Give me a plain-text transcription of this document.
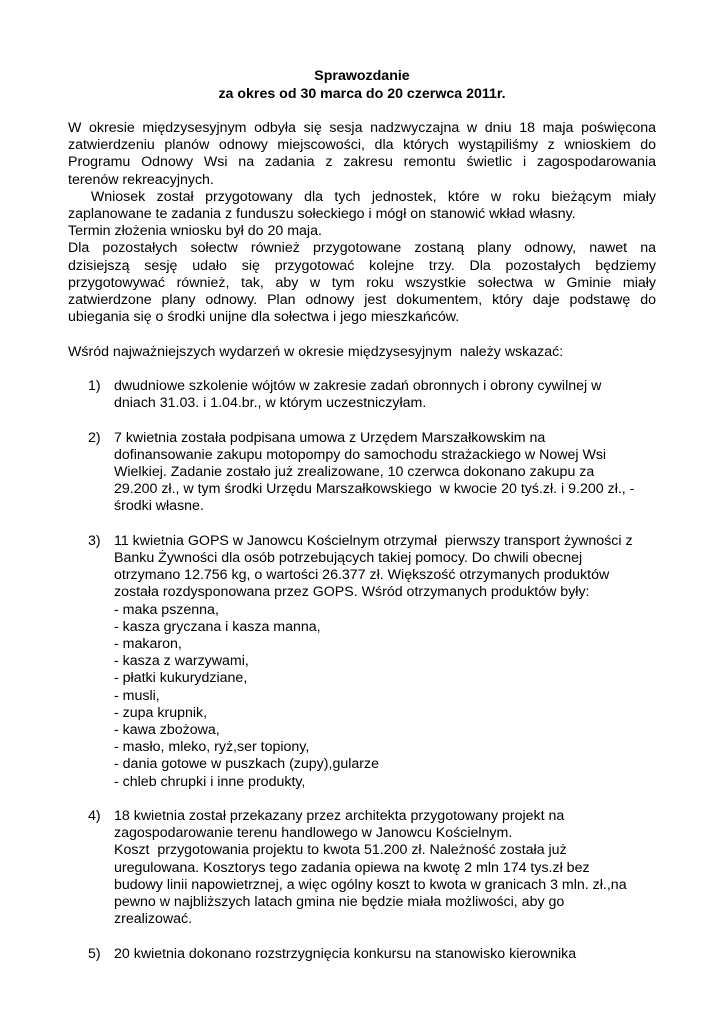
Sprawozdanie
za okres od 30 marca do 20 czerwca 2011r.
W okresie międzysesyjnym odbyła się sesja nadzwyczajna w dniu 18 maja poświęcona
zatwierdzeniu planów odnowy miejscowości, dla których wystąpiliśmy z wnioskiem do
Programu Odnowy Wsi na zadania z zakresu remontu świetlic i zagospodarowania
terenów rekreacyjnych.
Wniosek został przygotowany dla tych jednostek, które w roku bieżącym miały
zaplanowane te zadania z funduszu sołeckiego i mógł on stanowić wkład własny.
Termin złożenia wniosku był do 20 maja.
Dla pozostałych sołectw również przygotowane zostaną plany odnowy, nawet na
dzisiejszą sesję udało się przygotować kolejne trzy. Dla pozostałych będziemy
przygotowywać również, tak, aby w tym roku wszystkie sołectwa w Gminie miały
zatwierdzone plany odnowy. Plan odnowy jest dokumentem, który daje podstawę do
ubiegania się o środki unijne dla sołectwa i jego mieszkańców.
Wśród najważniejszych wydarzeń w okresie międzysesyjnym  należy wskazać:
1) dwudniowe szkolenie wójtów w zakresie zadań obronnych i obrony cywilnej w
dniach 31.03. i 1.04.br., w którym uczestniczyłam.
2) 7 kwietnia została podpisana umowa z Urzędem Marszałkowskim na
dofinansowanie zakupu motopompy do samochodu strażackiego w Nowej Wsi
Wielkiej. Zadanie zostało już zrealizowane, 10 czerwca dokonano zakupu za
29.200 zł., w tym środki Urzędu Marszałkowskiego  w kwocie 20 tyś.zł. i 9.200 zł., -
środki własne.
3) 11 kwietnia GOPS w Janowcu Kościelnym otrzymał  pierwszy transport żywności z
Banku Żywności dla osób potrzebujących takiej pomocy. Do chwili obecnej
otrzymano 12.756 kg, o wartości 26.377 zł. Większość otrzymanych produktów
została rozdysponowana przez GOPS. Wśród otrzymanych produktów były:
- maka pszenna,
- kasza gryczana i kasza manna,
- makaron,
- kasza z warzywami,
- płatki kukurydziane,
- musli,
- zupa krupnik,
- kawa zbożowa,
- masło, mleko, ryż,ser topiony,
- dania gotowe w puszkach (zupy),gularze
- chleb chrupki i inne produkty,
4) 18 kwietnia został przekazany przez architekta przygotowany projekt na
zagospodarowanie terenu handlowego w Janowcu Kościelnym.
Koszt  przygotowania projektu to kwota 51.200 zł. Należność została już
uregulowana. Kosztorys tego zadania opiewa na kwotę 2 mln 174 tys.zł bez
budowy linii napowietrznej, a więc ogólny koszt to kwota w granicach 3 mln. zł.,na
pewno w najbliższych latach gmina nie będzie miała możliwości, aby go
zrealizować.
5) 20 kwietnia dokonano rozstrzygnięcia konkursu na stanowisko kierownika
